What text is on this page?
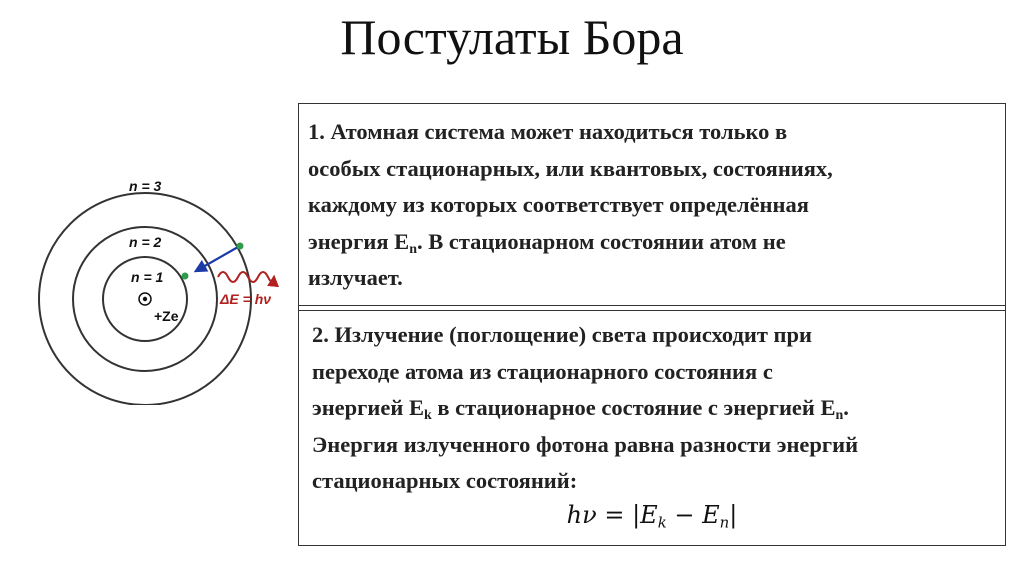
Постулаты Бора
+Ze
n = 1
n = 2
n = 3
ΔE = hν
1. Атомная система может находиться только в
особых стационарных, или квантовых, состояниях,
каждому из которых соответствует определённая
энергия $E_n$. В стационарном состоянии атом не
излучает.
2. Излучение (поглощение) света происходит при
переходе атома из стационарного состояния с
энергией $E_k$ в стационарное состояние с энергией $E_n$.
Энергия излученного фотона равна разности энергий
стационарных состояний:
$h\nu = |E_k - E_n|$
